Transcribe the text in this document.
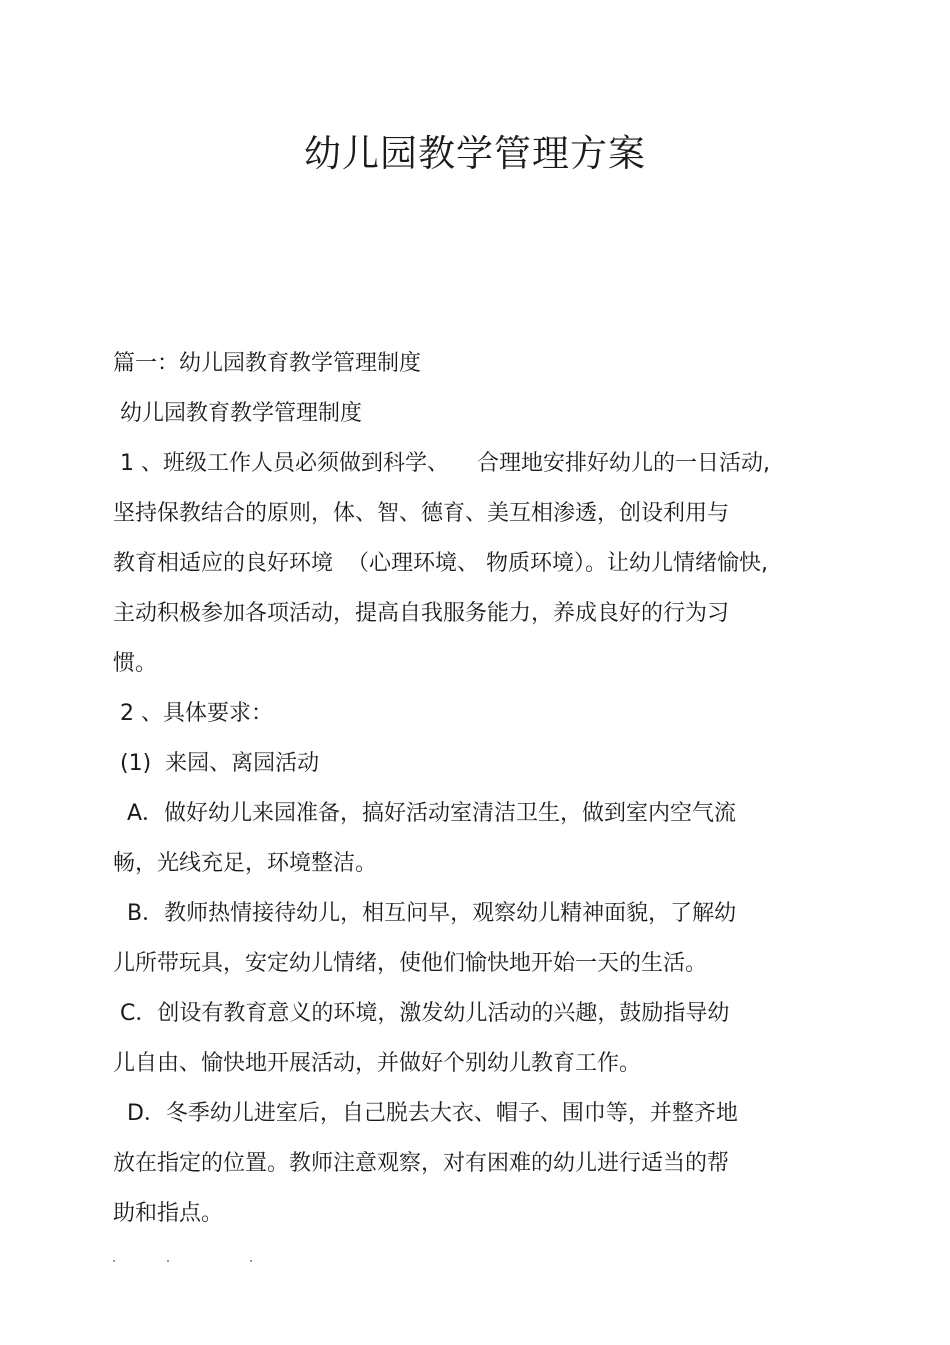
幼儿园教学管理方案

篇一：幼儿园教育教学管理制度

幼儿园教育教学管理制度

1 、班级工作人员必须做到科学、    合理地安排好幼儿的一日活动,

坚持保教结合的原则，体、智、德育、美互相渗透，创设利用与

教育相适应的良好环境  （心理环境、 物质环境）。让幼儿情绪愉快,

主动积极参加各项活动，提高自我服务能力，养成良好的行为习

惯。

2 、具体要求：

(1)  来园、离园活动

A．做好幼儿来园准备，搞好活动室清洁卫生，做到室内空气流

畅，光线充足，环境整洁。

B．教师热情接待幼儿，相互问早，观察幼儿精神面貌，了解幼

儿所带玩具，安定幼儿情绪，使他们愉快地开始一天的生活。

C．创设有教育意义的环境，激发幼儿活动的兴趣，鼓励指导幼

儿自由、愉快地开展活动，并做好个别幼儿教育工作。

D．冬季幼儿进室后，自己脱去大衣、帽子、围巾等，并整齐地

放在指定的位置。教师注意观察，对有困难的幼儿进行适当的帮

助和指点。
